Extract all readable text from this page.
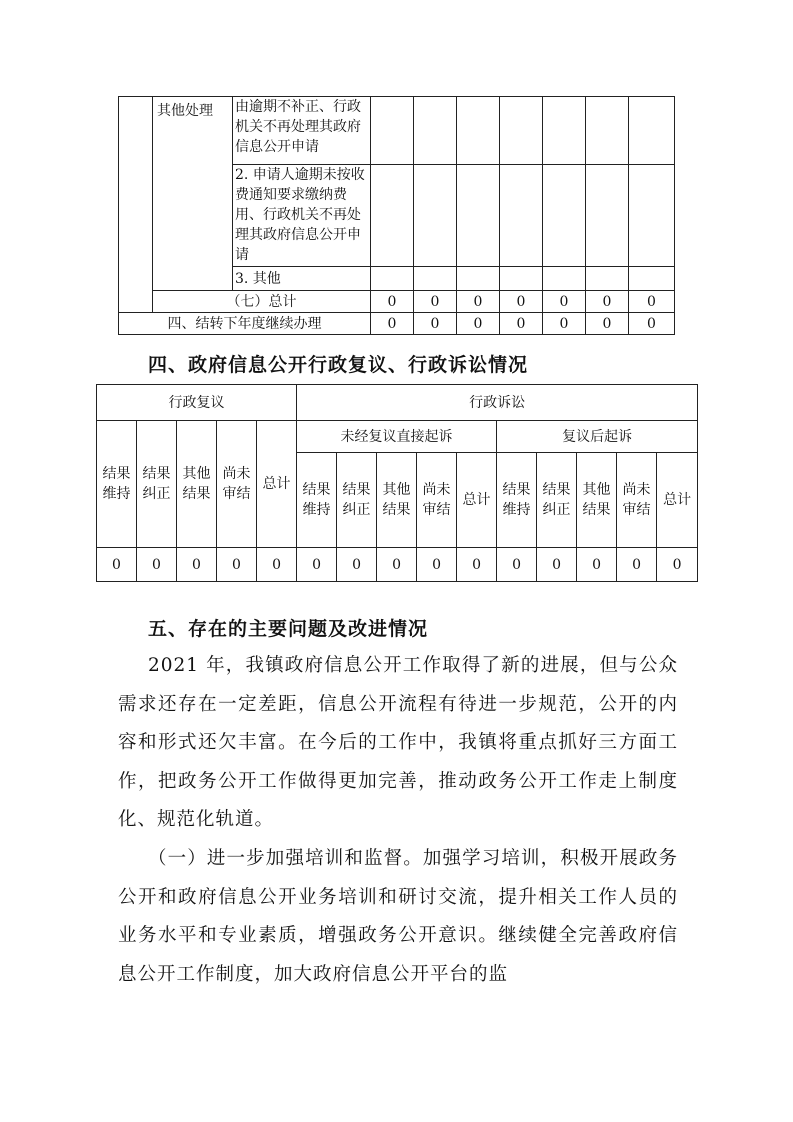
	其他处理	由逾期不补正、行政机关不再处理其政府信息公开申请							
		2. 申请人逾期未按收费通知要求缴纳费用、行政机关不再处理其政府信息公开申请							
		3. 其他							
	（七）总计		0	0	0	0	0	0	0
四、结转下年度继续办理			0	0	0	0	0	0	0
四、政府信息公开行政复议、行政诉讼情况
行政复议					行政诉讼									
结果维持	结果纠正	其他结果	尚未审结	总计	未经复议直接起诉					复议后起诉				
					结果维持	结果纠正	其他结果	尚未审结	总计	结果维持	结果纠正	其他结果	尚未审结	总计
0	0	0	0	0	0	0	0	0	0	0	0	0	0	0
五、存在的主要问题及改进情况

2021 年，我镇政府信息公开工作取得了新的进展，但与公众需求还存在一定差距，信息公开流程有待进一步规范，公开的内容和形式还欠丰富。在今后的工作中，我镇将重点抓好三方面工作，把政务公开工作做得更加完善，推动政务公开工作走上制度化、规范化轨道。

（一）进一步加强培训和监督。加强学习培训，积极开展政务公开和政府信息公开业务培训和研讨交流，提升相关工作人员的业务水平和专业素质，增强政务公开意识。继续健全完善政府信息公开工作制度，加大政府信息公开平台的监
